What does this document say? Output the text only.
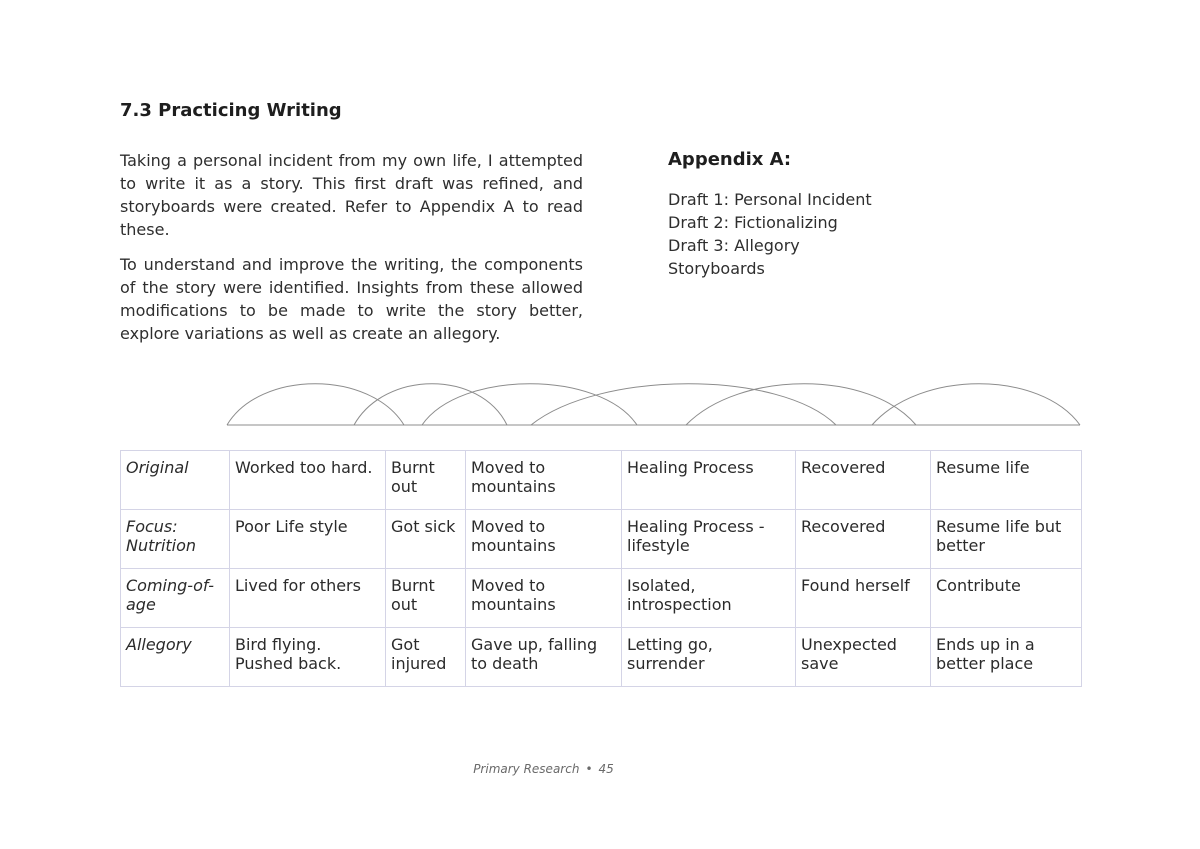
7.3 Practicing Writing

Taking a personal incident from my own life, I attempted to write it as a story. This first draft was refined, and storyboards were created. Refer to Appendix A to read these.

To understand and improve the writing, the components of the story were identified. Insights from these allowed modifications to be made to write the story better, explore variations as well as create an allegory.

Appendix A:
Draft 1: Personal Incident
Draft 2: Fictionalizing
Draft 3: Allegory
Storyboards
Original	Worked too hard.	Burnt out	Moved to mountains	Healing Process	Recovered	Resume life
Focus: Nutrition	Poor Life style	Got sick	Moved to mountains	Healing Process - lifestyle	Recovered	Resume life but better
Coming-of-age	Lived for others	Burnt out	Moved to mountains	Isolated, introspection	Found herself	Contribute
Allegory	Bird flying. Pushed back.	Got injured	Gave up, falling to death	Letting go, surrender	Unexpected save	Ends up in a better place
Primary Research • 45
